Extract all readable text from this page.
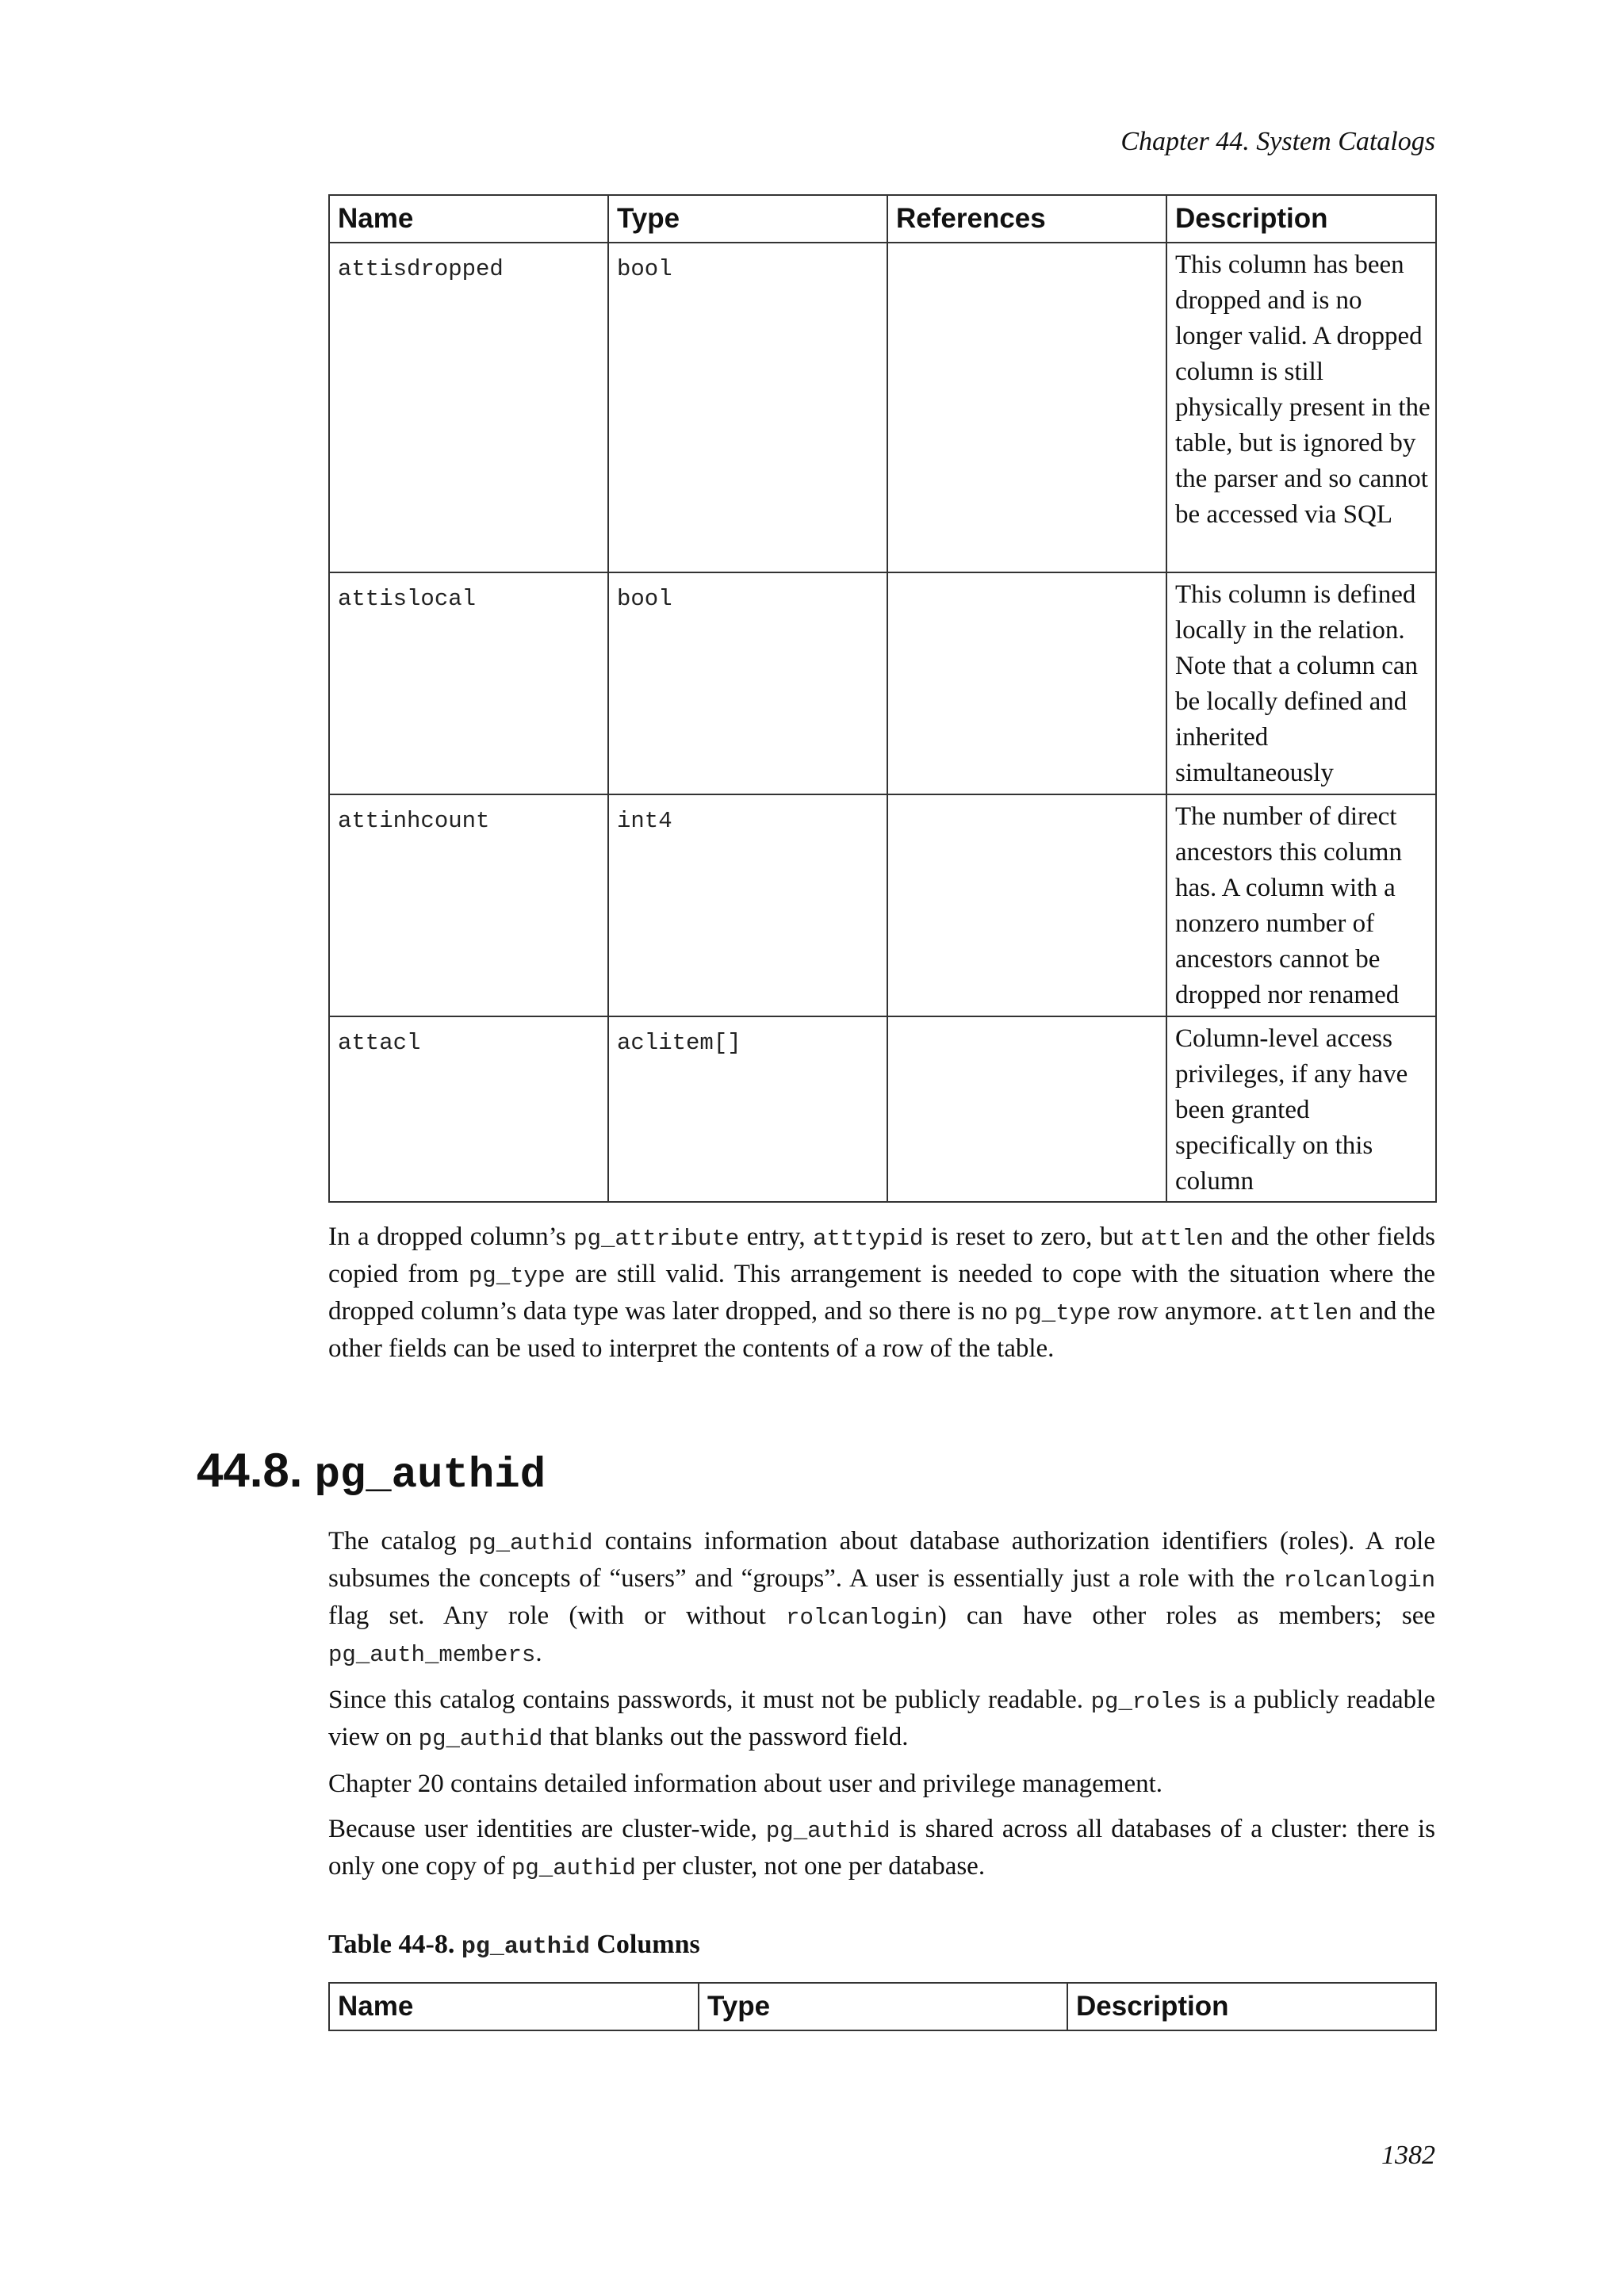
Chapter 44. System Catalogs
Name	Type	References	Description
attisdropped	bool		This column has been dropped and is no longer valid. A dropped column is still physically present in the table, but is ignored by the parser and so cannot be accessed via SQL
attislocal	bool		This column is defined locally in the relation. Note that a column can be locally defined and inherited simultaneously
attinhcount	int4		The number of direct ancestors this column has. A column with a nonzero number of ancestors cannot be dropped nor renamed
attacl	aclitem[]		Column-level access privileges, if any have been granted specifically on this column

In a dropped column’s pg_attribute entry, atttypid is reset to zero, but attlen and the other fields copied from pg_type are still valid. This arrangement is needed to cope with the situation where the dropped column’s data type was later dropped, and so there is no pg_type row anymore. attlen and the other fields can be used to interpret the contents of a row of the table.

44.8. pg_authid

The catalog pg_authid contains information about database authorization identifiers (roles). A role subsumes the concepts of “users” and “groups”. A user is essentially just a role with the rolcanlogin flag set. Any role (with or without rolcanlogin) can have other roles as members; see pg_auth_members.

Since this catalog contains passwords, it must not be publicly readable. pg_roles is a publicly readable view on pg_authid that blanks out the password field.

Chapter 20 contains detailed information about user and privilege management.

Because user identities are cluster-wide, pg_authid is shared across all databases of a cluster: there is only one copy of pg_authid per cluster, not one per database.

Table 44-8. pg_authid Columns

Name	Type	Description
1382
